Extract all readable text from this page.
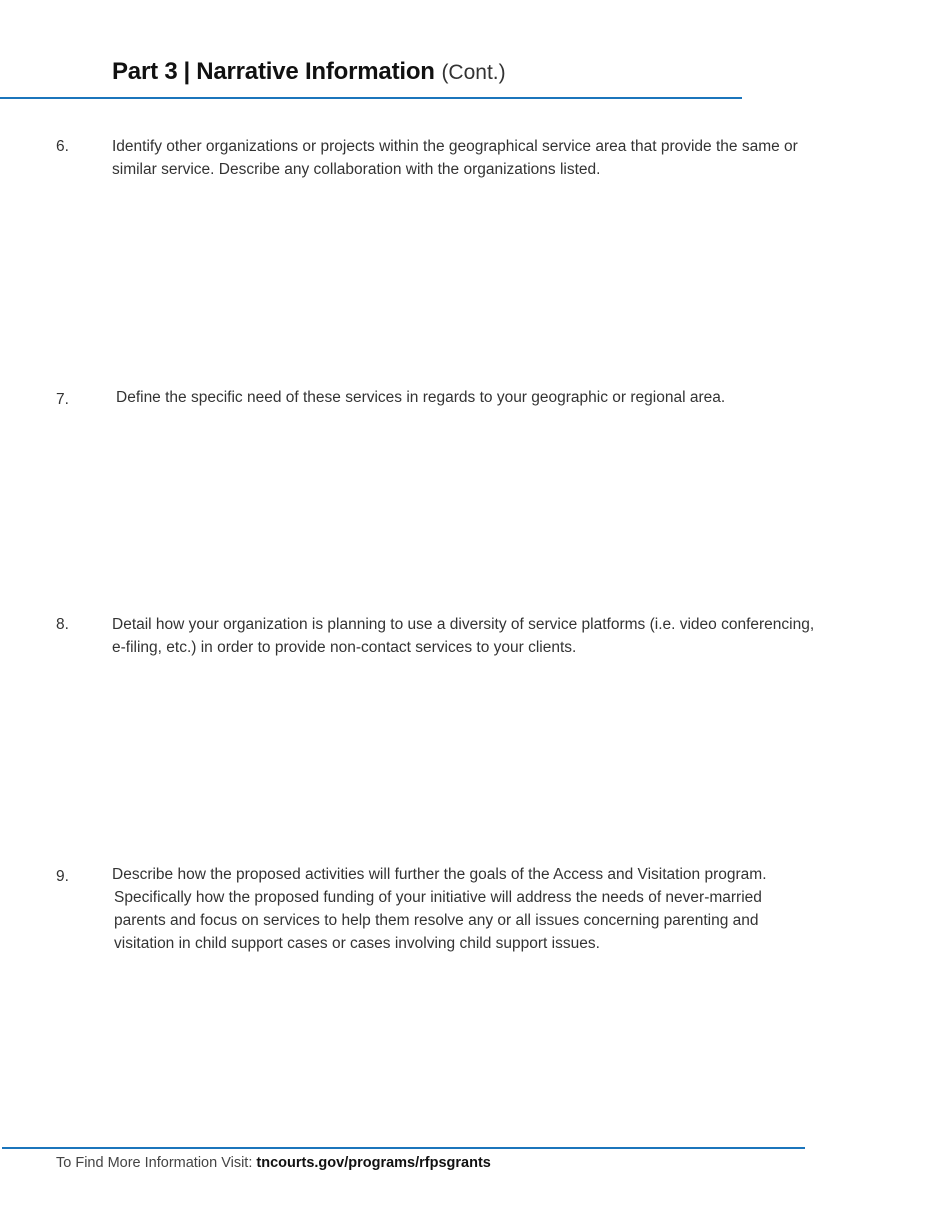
Part 3 | Narrative Information (Cont.)
6.	Identify other organizations or projects within the geographical service area that provide the same or
similar service. Describe any collaboration with the organizations listed.
7.	Define the specific need of these services in regards to your geographic or regional area.
8.	Detail how your organization is planning to use a diversity of service platforms (i.e. video conferencing,
e-filing, etc.) in order to provide non-contact services to your clients.
9.	Describe how the proposed activities will further the goals of the Access and Visitation program.
Specifically how the proposed funding of your initiative will address the needs of never-married
parents and focus on services to help them resolve any or all issues concerning parenting and
visitation in child support cases or cases involving child support issues.
To Find More Information Visit: tncourts.gov/programs/rfpsgrants
